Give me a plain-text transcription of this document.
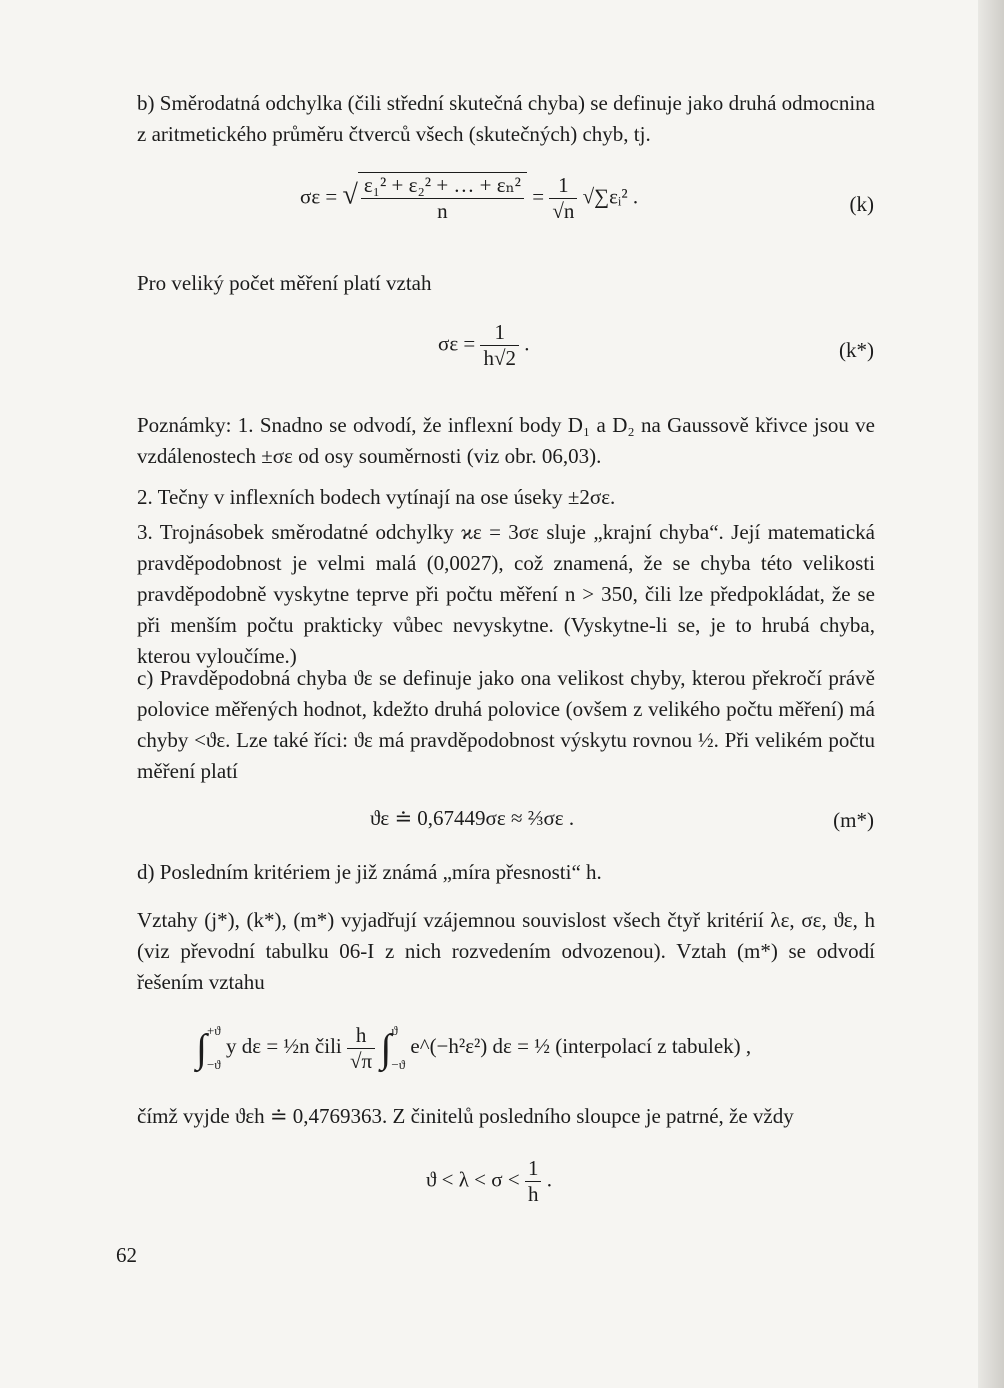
b) Směrodatná odchylka (čili střední skutečná chyba) se definuje jako druhá odmocnina z aritmetického průměru čtverců všech (skutečných) chyb, tj.

σε = √ $\frac{\text{ε₁² + ε₂² + … + εₙ²}}{n} = \frac{1}{√n}$ √∑εᵢ² .	(k)

Pro veliký počet měření platí vztah

$\sigma\varepsilon = \frac{1}{h√2}$ .	(k*)

Poznámky: 1. Snadno se odvodí, že inflexní body D₁ a D₂ na Gaussově křivce jsou ve vzdálenostech ±σε od osy souměrnosti (viz obr. 06,03).

2. Tečny v inflexních bodech vytínají na ose úseky ±2σε.

3. Trojnásobek směrodatné odchylky ϰε = 3σε sluje „krajní chyba“. Její matematická pravděpodobnost je velmi malá (0,0027), což znamená, že se chyba této velikosti pravděpodobně vyskytne teprve při počtu měření n > 350, čili lze předpokládat, že se při menším počtu prakticky vůbec nevyskytne. (Vyskytne-li se, je to hrubá chyba, kterou vyloučíme.)

c) Pravděpodobná chyba ϑε se definuje jako ona velikost chyby, kterou překročí právě polovice měřených hodnot, kdežto druhá polovice (ovšem z velikého počtu měření) má chyby <ϑε. Lze také říci: ϑε má pravděpodobnost výskytu rovnou ½. Při velikém počtu měření platí

ϑε ≐ 0,67449σε ≈ ⅔σε .	(m*)

d) Posledním kritériem je již známá „míra přesnosti“ h.

Vztahy (j*), (k*), (m*) vyjadřují vzájemnou souvislost všech čtyř kritérií λε, σε, ϑε, h (viz převodní tabulku 06-I z nich rozvedením odvozenou). Vztah (m*) se odvodí řešením vztahu

∫ +ϑ
−ϑ
y dε = ½n čili $\frac{h}{√\pi}$ ∫ ϑ
−ϑ
e^(−h²ε²) dε = ½ (interpolací z tabulek) ,

čímž vyjde ϑεh ≐ 0,4769363. Z činitelů posledního sloupce je patrné, že vždy

$ϑ < \lambda < \sigma < \frac{1}{h}$ .
62
